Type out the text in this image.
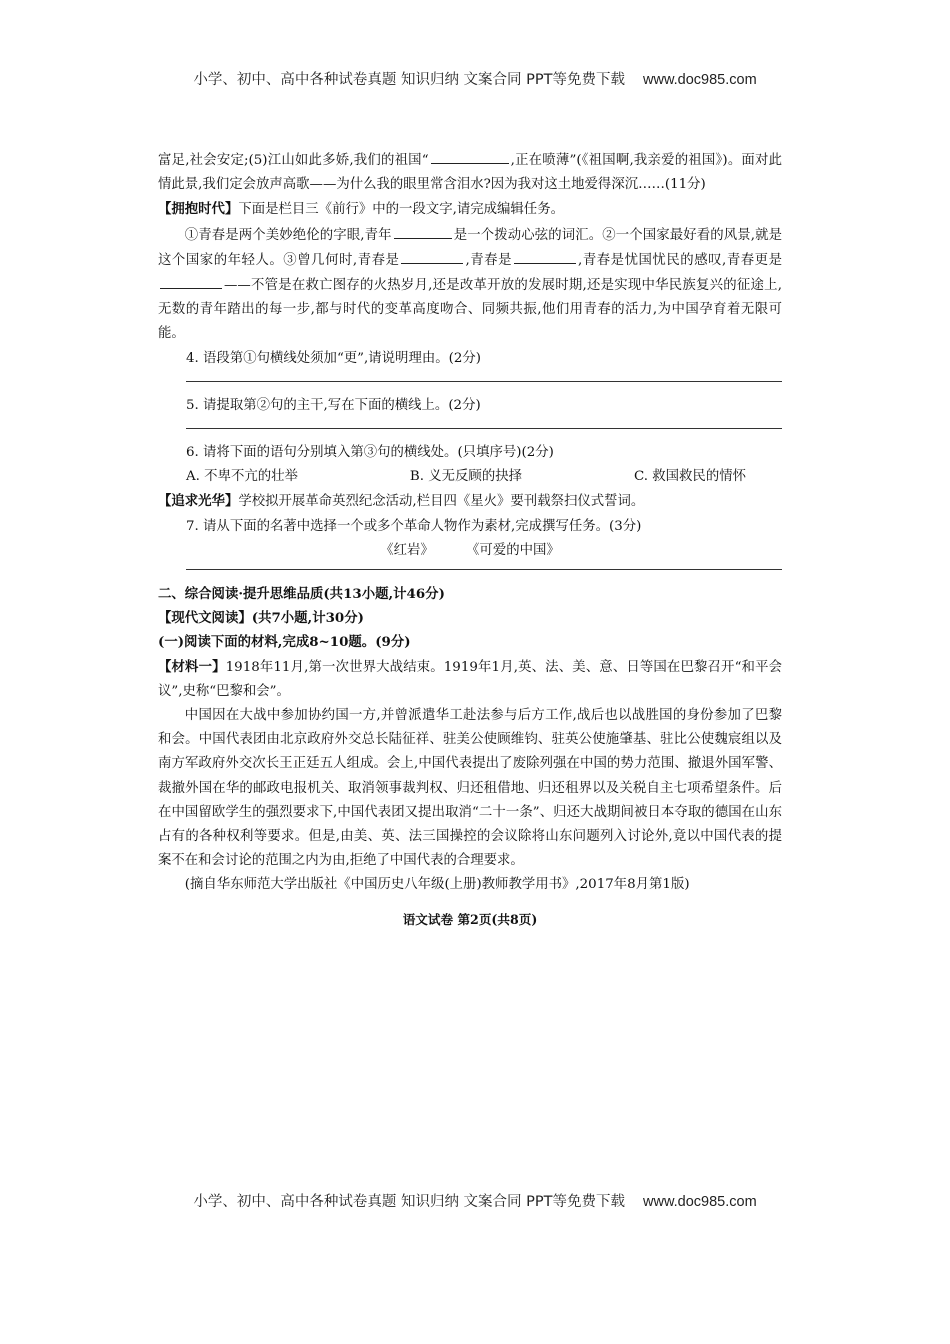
小学、初中、高中各种试卷真题 知识归纳 文案合同 PPT等免费下载 www.doc985.com

富足,社会安定;(5)江山如此多娇,我们的祖国“	,正在喷薄”(《祖国啊,我亲爱的祖国》)。面对此情此景,我们定会放声高歌——为什么我的眼里常含泪水?因为我对这土地爱得深沉……(11分)

【拥抱时代】下面是栏目三《前行》中的一段文字,请完成编辑任务。

①青春是两个美妙绝伦的字眼,青年	是一个拨动心弦的词汇。②一个国家最好看的风景,就是这个国家的年轻人。③曾几何时,青春是	,青春是	,青春是忧国忧民的感叹,青春更是——不管是在救亡图存的火热岁月,还是改革开放的发展时期,还是实现中华民族复兴的征途上,无数的青年踏出的每一步,都与时代的变革高度吻合、同频共振,他们用青春的活力,为中国孕育着无限可能。

4. 语段第①句横线处须加“更”,请说明理由。(2分)

5. 请提取第②句的主干,写在下面的横线上。(2分)

6. 请将下面的语句分别填入第③句的横线处。(只填序号)(2分)

A. 不卑不亢的壮举	B. 义无反顾的抉择	C. 救国救民的情怀

【追求光华】学校拟开展革命英烈纪念活动,栏目四《星火》要刊载祭扫仪式誓词。

7. 请从下面的名著中选择一个或多个革命人物作为素材,完成撰写任务。(3分)

《红岩》 《可爱的中国》

二、综合阅读·提升思维品质(共13小题,计46分)

【现代文阅读】(共7小题,计30分)

(一)阅读下面的材料,完成8~10题。(9分)

【材料一】1918年11月,第一次世界大战结束。1919年1月,英、法、美、意、日等国在巴黎召开“和平会议”,史称“巴黎和会”。

中国因在大战中参加协约国一方,并曾派遣华工赴法参与后方工作,战后也以战胜国的身份参加了巴黎和会。中国代表团由北京政府外交总长陆征祥、驻美公使顾维钧、驻英公使施肇基、驻比公使魏宸组以及南方军政府外交次长王正廷五人组成。会上,中国代表提出了废除列强在中国的势力范围、撤退外国军警、裁撤外国在华的邮政电报机关、取消领事裁判权、归还租借地、归还租界以及关税自主七项希望条件。后在中国留欧学生的强烈要求下,中国代表团又提出取消“二十一条”、归还大战期间被日本夺取的德国在山东占有的各种权利等要求。但是,由美、英、法三国操控的会议除将山东问题列入讨论外,竟以中国代表的提案不在和会讨论的范围之内为由,拒绝了中国代表的合理要求。

(摘自华东师范大学出版社《中国历史八年级(上册)教师教学用书》,2017年8月第1版)

语文试卷 第2页(共8页)
小学、初中、高中各种试卷真题 知识归纳 文案合同 PPT等免费下载 www.doc985.com
